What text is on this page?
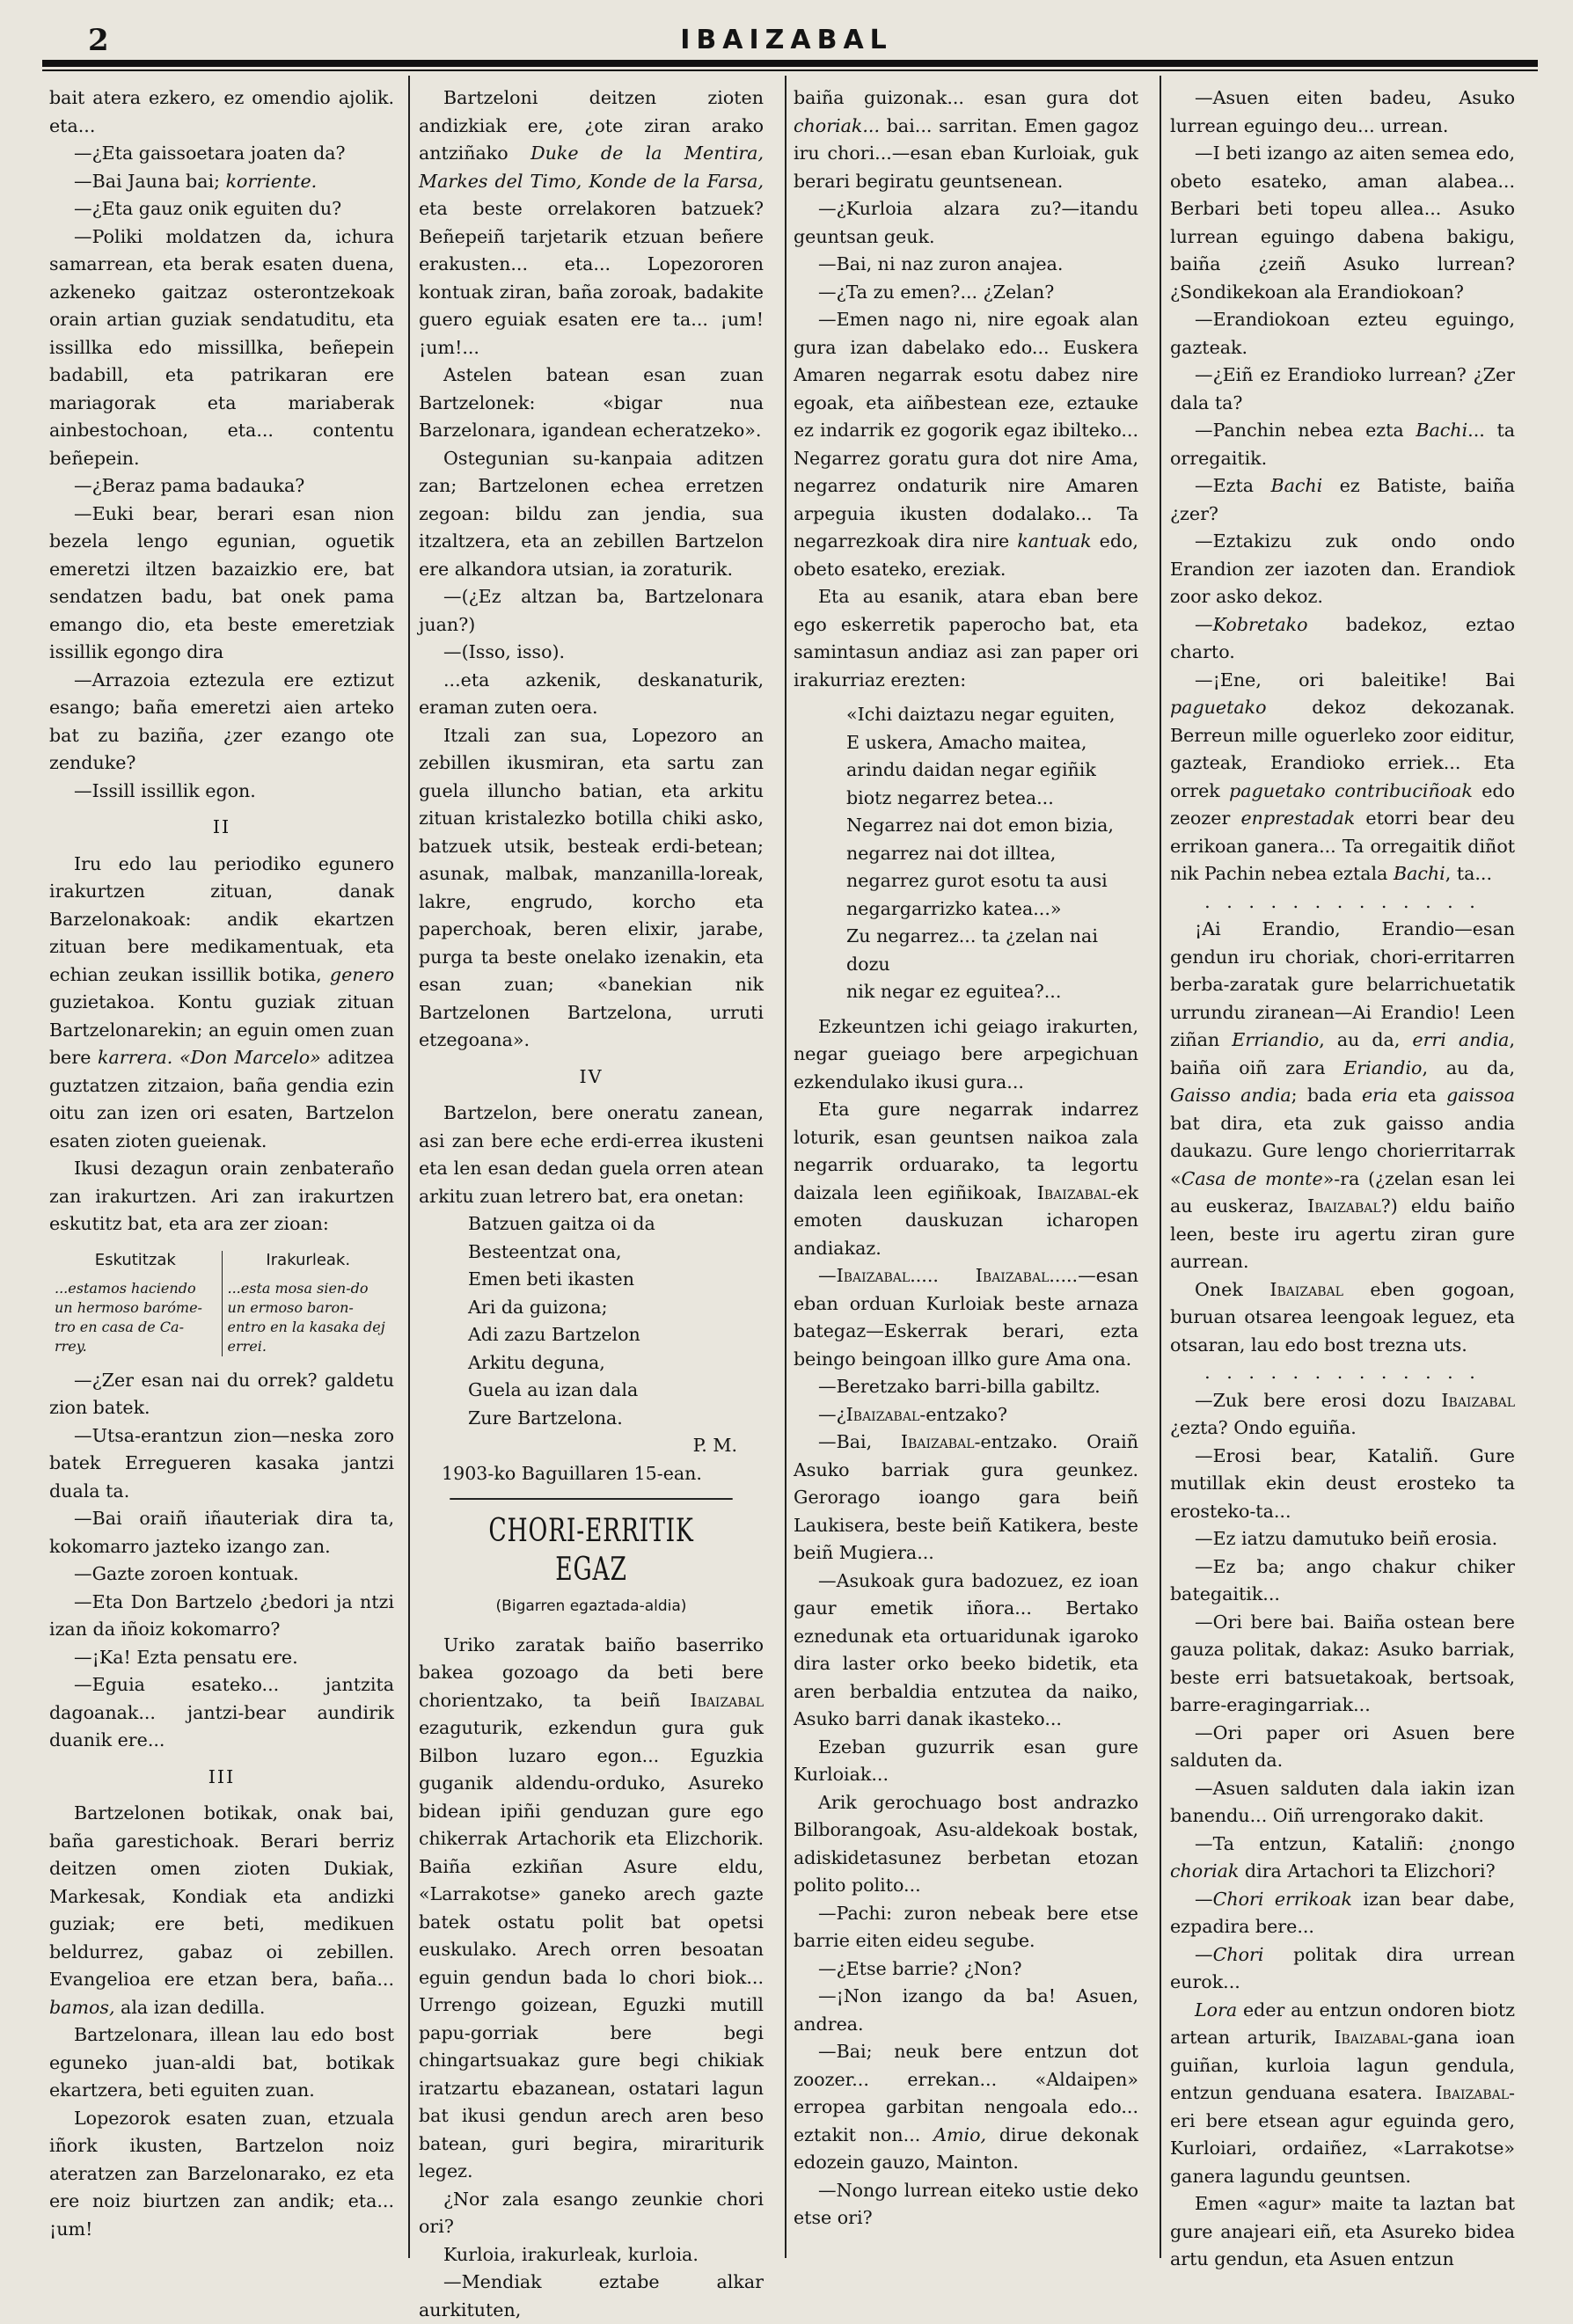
2	IBAIZABAL

bait atera ezkero, ez omendio ajolik. eta...

—¿Eta gaissoetara joaten da?

—Bai Jauna bai; korriente.

—¿Eta gauz onik eguiten du?

—Poliki moldatzen da, ichura samarrean, eta berak esaten duena, azkeneko gaitzaz osterontzekoak orain artian guziak sendatuditu, eta issillka edo missillka, beñepein badabill, eta patrikaran ere mariagorak eta mariaberak ainbestochoan, eta... contentu beñepein.

—¿Beraz pama badauka?

—Euki bear, berari esan nion bezela lengo egunian, oguetik emeretzi iltzen bazaizkio ere, bat sendatzen badu, bat onek pama emango dio, eta beste emeretziak issillik egongo dira

—Arrazoia eztezula ere eztizut esango; baña emeretzi aien arteko bat zu baziña, ¿zer ezango ote zenduke?

—Issill issillik egon.

II

Iru edo lau periodiko egunero irakurtzen zituan, danak Barzelonakoak: andik ekartzen zituan bere medikamentuak, eta echian zeukan issillik botika, genero guzietakoa. Kontu guziak zituan Bartzelonarekin; an eguin omen zuan bere karrera. «Don Marcelo» aditzea guztatzen zitzaion, baña gendia ezin oitu zan izen ori esaten, Bartzelon esaten zioten gueienak.

Ikusi dezagun orain zenbateraño zan irakurtzen. Ari zan irakurtzen eskutitz bat, eta ara zer zioan:

Eskutitzak
...estamos haciendo un hermoso baróme-tro en casa de Ca-rrey.
Irakurleak.
...esta mosa sien-do un ermoso baron-entro en la kasaka dej errei.

—¿Zer esan nai du orrek? galdetu zion batek.

—Utsa-erantzun zion—neska zoro batek Erregueren kasaka jantzi duala ta.

—Bai oraiñ iñauteriak dira ta, kokomarro jazteko izango zan.

—Gazte zoroen kontuak.

—Eta Don Bartzelo ¿bedori ja ntzi izan da iñoiz kokomarro?

—¡Ka! Ezta pensatu ere.

—Eguia esateko... jantzita dagoanak... jantzi-bear aundirik duanik ere...

III

Bartzelonen botikak, onak bai, baña garestichoak. Berari berriz deitzen omen zioten Dukiak, Markesak, Kondiak eta andizki guziak; ere beti, medikuen beldurrez, gabaz oi zebillen. Evangelioa ere etzan bera, baña... bamos, ala izan dedilla.

Bartzelonara, illean lau edo bost eguneko juan-aldi bat, botikak ekartzera, beti eguiten zuan.

Lopezorok esaten zuan, etzuala iñork ikusten, Bartzelon noiz ateratzen zan Barzelonarako, ez eta ere noiz biurtzen zan andik; eta... ¡um!

Bartzeloni deitzen zioten andizkiak ere, ¿ote ziran arako antziñako Duke de la Mentira, Markes del Timo, Konde de la Farsa, eta beste orrelakoren batzuek? Beñepeiñ tarjetarik etzuan beñere erakusten... eta... Lopezororen kontuak ziran, baña zoroak, badakite guero eguiak esaten ere ta... ¡um! ¡um!...

Astelen batean esan zuan Bartzelonek: «bigar nua Barzelonara, igandean echeratzeko».

Ostegunian su-kanpaia aditzen zan; Bartzelonen echea erretzen zegoan: bildu zan jendia, sua itzaltzera, eta an zebillen Bartzelon ere alkandora utsian, ia zoraturik.

—(¿Ez altzan ba, Bartzelonara juan?)

—(Isso, isso).

...eta azkenik, deskanaturik, eraman zuten oera.

Itzali zan sua, Lopezoro an zebillen ikusmiran, eta sartu zan guela illuncho batian, eta arkitu zituan kristalezko botilla chiki asko, batzuek utsik, besteak erdi-betean; asunak, malbak, manzanilla-loreak, lakre, engrudo, korcho eta paperchoak, beren elixir, jarabe, purga ta beste onelako izenakin, eta esan zuan; «banekian nik Bartzelonen Bartzelona, urruti etzegoana».

IV

Bartzelon, bere oneratu zanean, asi zan bere eche erdi-errea ikusteni eta len esan dedan guela orren atean arkitu zuan letrero bat, era onetan:

Batzuen gaitza oi da

Besteentzat ona,

Emen beti ikasten

Ari da guizona;

Adi zazu Bartzelon

Arkitu deguna,

Guela au izan dala

Zure Bartzelona.

P. M.

1903-ko Baguillaren 15-ean.

CHORI-ERRITIK EGAZ
(Bigarren egaztada-aldia)

Uriko zaratak baiño baserriko bakea gozoago da beti bere chorientzako, ta beiñ Ibaizabal ezaguturik, ezkendun gura guk Bilbon luzaro egon... Eguzkia guganik aldendu-orduko, Asureko bidean ipiñi genduzan gure ego chikerrak Artachorik eta Elizchorik. Baiña ezkiñan Asure eldu, «Larrakotse» ganeko arech gazte batek ostatu polit bat opetsi euskulako. Arech orren besoatan eguin gendun bada lo chori biok... Urrengo goizean, Eguzki mutill papu-gorriak bere begi chingartsuakaz gure begi chikiak iratzartu ebazanean, ostatari lagun bat ikusi gendun arech aren beso batean, guri begira, mirariturik legez.

¿Nor zala esango zeunkie chori ori?

Kurloia, irakurleak, kurloia.

—Mendiak eztabe alkar aurkituten,

baiña guizonak... esan gura dot choriak... bai... sarritan. Emen gagoz iru chori...—esan eban Kurloiak, guk berari begiratu geuntsenean.

—¿Kurloia alzara zu?—itandu geuntsan geuk.

—Bai, ni naz zuron anajea.

—¿Ta zu emen?... ¿Zelan?

—Emen nago ni, nire egoak alan gura izan dabelako edo... Euskera Amaren negarrak esotu dabez nire egoak, eta aiñbestean eze, eztauke ez indarrik ez gogorik egaz ibilteko... Negarrez goratu gura dot nire Ama, negarrez ondaturik nire Amaren arpeguia ikusten dodalako... Ta negarrezkoak dira nire kantuak edo, obeto esateko, ereziak.

Eta au esanik, atara eban bere ego eskerretik paperocho bat, eta samintasun andiaz asi zan paper ori irakurriaz erezten:

«Ichi daiztazu negar eguiten,

E uskera, Amacho maitea,

arindu daidan negar egiñik

biotz negarrez betea...

Negarrez nai dot emon bizia,

negarrez nai dot illtea,

negarrez gurot esotu ta ausi

negargarrizko katea...»

Zu negarrez... ta ¿zelan nai dozu

nik negar ez eguitea?...

Ezkeuntzen ichi geiago irakurten, negar gueiago bere arpegichuan ezkendulako ikusi gura...

Eta gure negarrak indarrez loturik, esan geuntsen naikoa zala negarrik orduarako, ta legortu daizala leen egiñikoak, Ibaizabal-ek emoten dauskuzan icharopen andiakaz.

—Ibaizabal..... Ibaizabal.....—esan eban orduan Kurloiak beste arnaza bategaz—Eskerrak berari, ezta beingo beingoan illko gure Ama ona.

—Beretzako barri-billa gabiltz.

—¿Ibaizabal-entzako?

—Bai, Ibaizabal-entzako. Oraiñ Asuko barriak gura geunkez. Gerorago ioango gara beiñ Laukisera, beste beiñ Katikera, beste beiñ Mugiera...

—Asukoak gura badozuez, ez ioan gaur emetik iñora... Bertako eznedunak eta ortuaridunak igaroko dira laster orko beeko bidetik, eta aren berbaldia entzutea da naiko, Asuko barri danak ikasteko...

Ezeban guzurrik esan gure Kurloiak...

Arik gerochuago bost andrazko Bilborangoak, Asu-aldekoak bostak, adiskidetasunez berbetan etozan polito polito...

—Pachi: zuron nebeak bere etse barrie eiten eideu segube.

—¿Etse barrie? ¿Non?

—¡Non izango da ba! Asuen, andrea.

—Bai; neuk bere entzun dot zoozer... errekan... «Aldaipen» erropea garbitan nengoala edo... eztakit non... Amio, dirue dekonak edozein gauzo, Mainton.

—Nongo lurrean eiteko ustie deko etse ori?

—Asuen eiten badeu, Asuko lurrean eguingo deu... urrean.

—I beti izango az aiten semea edo, obeto esateko, aman alabea... Berbari beti topeu allea... Asuko lurrean eguingo dabena bakigu, baiña ¿zeiñ Asuko lurrean? ¿Sondikekoan ala Erandiokoan?

—Erandiokoan ezteu eguingo, gazteak.

—¿Eiñ ez Erandioko lurrean? ¿Zer dala ta?

—Panchin nebea ezta Bachi... ta orregaitik.

—Ezta Bachi ez Batiste, baiña ¿zer?

—Eztakizu zuk ondo ondo Erandion zer iazoten dan. Erandiok zoor asko dekoz.

—Kobretako badekoz, eztao charto.

—¡Ene, ori baleitike! Bai paguetako dekoz dekozanak. Berreun mille oguerleko zoor eiditur, gazteak, Erandioko erriek... Eta orrek paguetako contribuciñoak edo zeozer enprestadak etorri bear deu errikoan ganera... Ta orregaitik diñot nik Pachin nebea eztala Bachi, ta...

. . . . . . . . . . . . .

¡Ai Erandio, Erandio—esan gendun iru choriak, chori-erritarren berba-zaratak gure belarrichuetatik urrundu ziranean—Ai Erandio! Leen ziñan Erriandio, au da, erri andia, baiña oiñ zara Eriandio, au da, Gaisso andia; bada eria eta gaissoa bat dira, eta zuk gaisso andia daukazu. Gure lengo chorierritarrak «Casa de monte»-ra (¿zelan esan lei au euskeraz, Ibaizabal?) eldu baiño leen, beste iru agertu ziran gure aurrean.

Onek Ibaizabal eben gogoan, buruan otsarea leengoak leguez, eta otsaran, lau edo bost trezna uts.

. . . . . . . . . . . . .

—Zuk bere erosi dozu Ibaizabal ¿ezta? Ondo eguiña.

—Erosi bear, Kataliñ. Gure mutillak ekin deust erosteko ta erosteko-ta...

—Ez iatzu damutuko beiñ erosia.

—Ez ba; ango chakur chiker bategaitik...

—Ori bere bai. Baiña ostean bere gauza politak, dakaz: Asuko barriak, beste erri batsuetakoak, bertsoak, barre-eragingarriak...

—Ori paper ori Asuen bere salduten da.

—Asuen salduten dala iakin izan banendu... Oiñ urrengorako dakit.

—Ta entzun, Kataliñ: ¿nongo choriak dira Artachori ta Elizchori?

—Chori errikoak izan bear dabe, ezpadira bere...

—Chori politak dira urrean eurok...

Lora eder au entzun ondoren biotz artean arturik, Ibaizabal-gana ioan guiñan, kurloia lagun gendula, entzun genduana esatera. Ibaizabal-eri bere etsean agur eguinda gero, Kurloiari, ordaiñez, «Larrakotse» ganera lagundu geuntsen.

Emen «agur» maite ta laztan bat gure anajeari eiñ, eta Asureko bidea artu gendun, eta Asuen entzun
